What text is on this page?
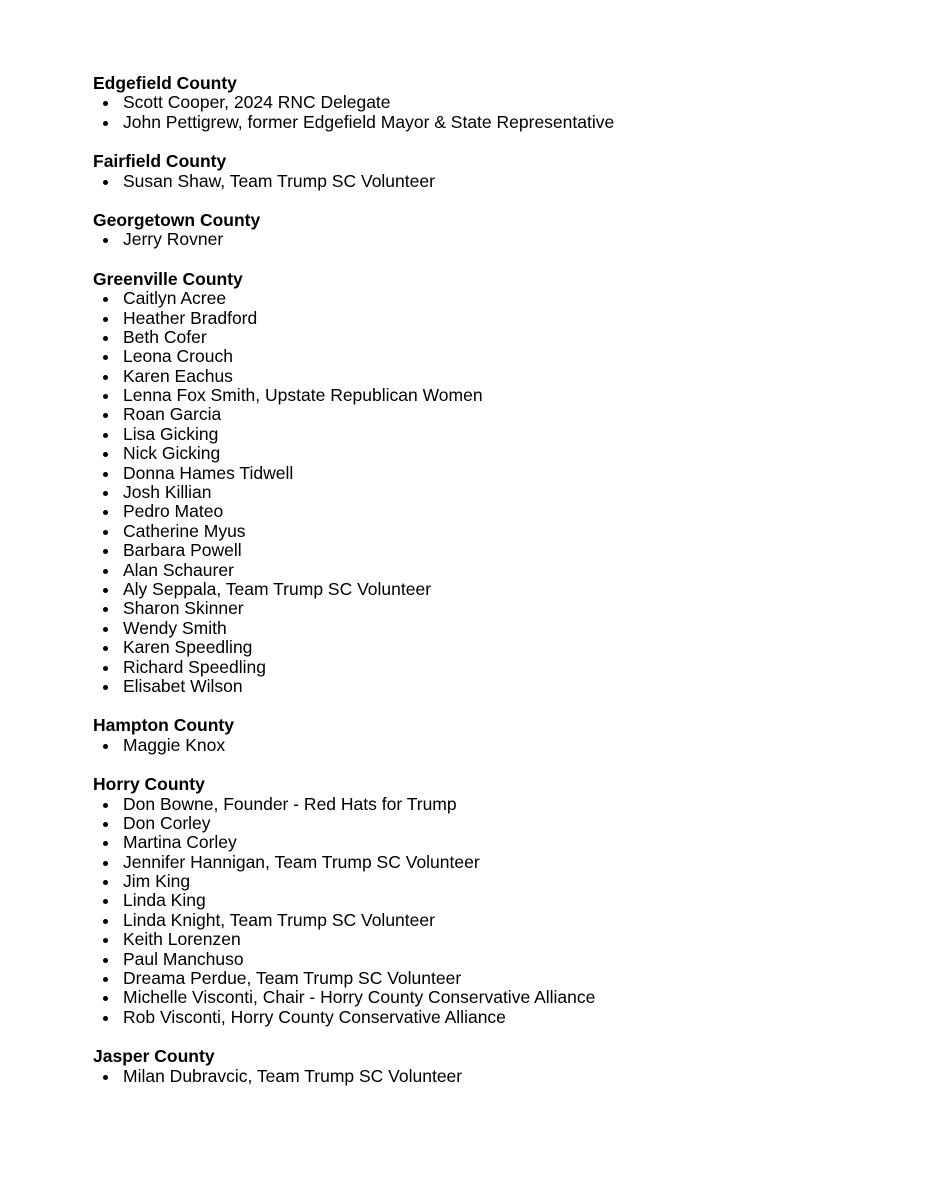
Edgefield County
Scott Cooper, 2024 RNC Delegate
John Pettigrew, former Edgefield Mayor & State Representative
Fairfield County
Susan Shaw, Team Trump SC Volunteer
Georgetown County
Jerry Rovner
Greenville County
Caitlyn Acree
Heather Bradford
Beth Cofer
Leona Crouch
Karen Eachus
Lenna Fox Smith, Upstate Republican Women
Roan Garcia
Lisa Gicking
Nick Gicking
Donna Hames Tidwell
Josh Killian
Pedro Mateo
Catherine Myus
Barbara Powell
Alan Schaurer
Aly Seppala, Team Trump SC Volunteer
Sharon Skinner
Wendy Smith
Karen Speedling
Richard Speedling
Elisabet Wilson
Hampton County
Maggie Knox
Horry County
Don Bowne, Founder - Red Hats for Trump
Don Corley
Martina Corley
Jennifer Hannigan, Team Trump SC Volunteer
Jim King
Linda King
Linda Knight, Team Trump SC Volunteer
Keith Lorenzen
Paul Manchuso
Dreama Perdue, Team Trump SC Volunteer
Michelle Visconti, Chair - Horry County Conservative Alliance
Rob Visconti, Horry County Conservative Alliance
Jasper County
Milan Dubravcic, Team Trump SC Volunteer
